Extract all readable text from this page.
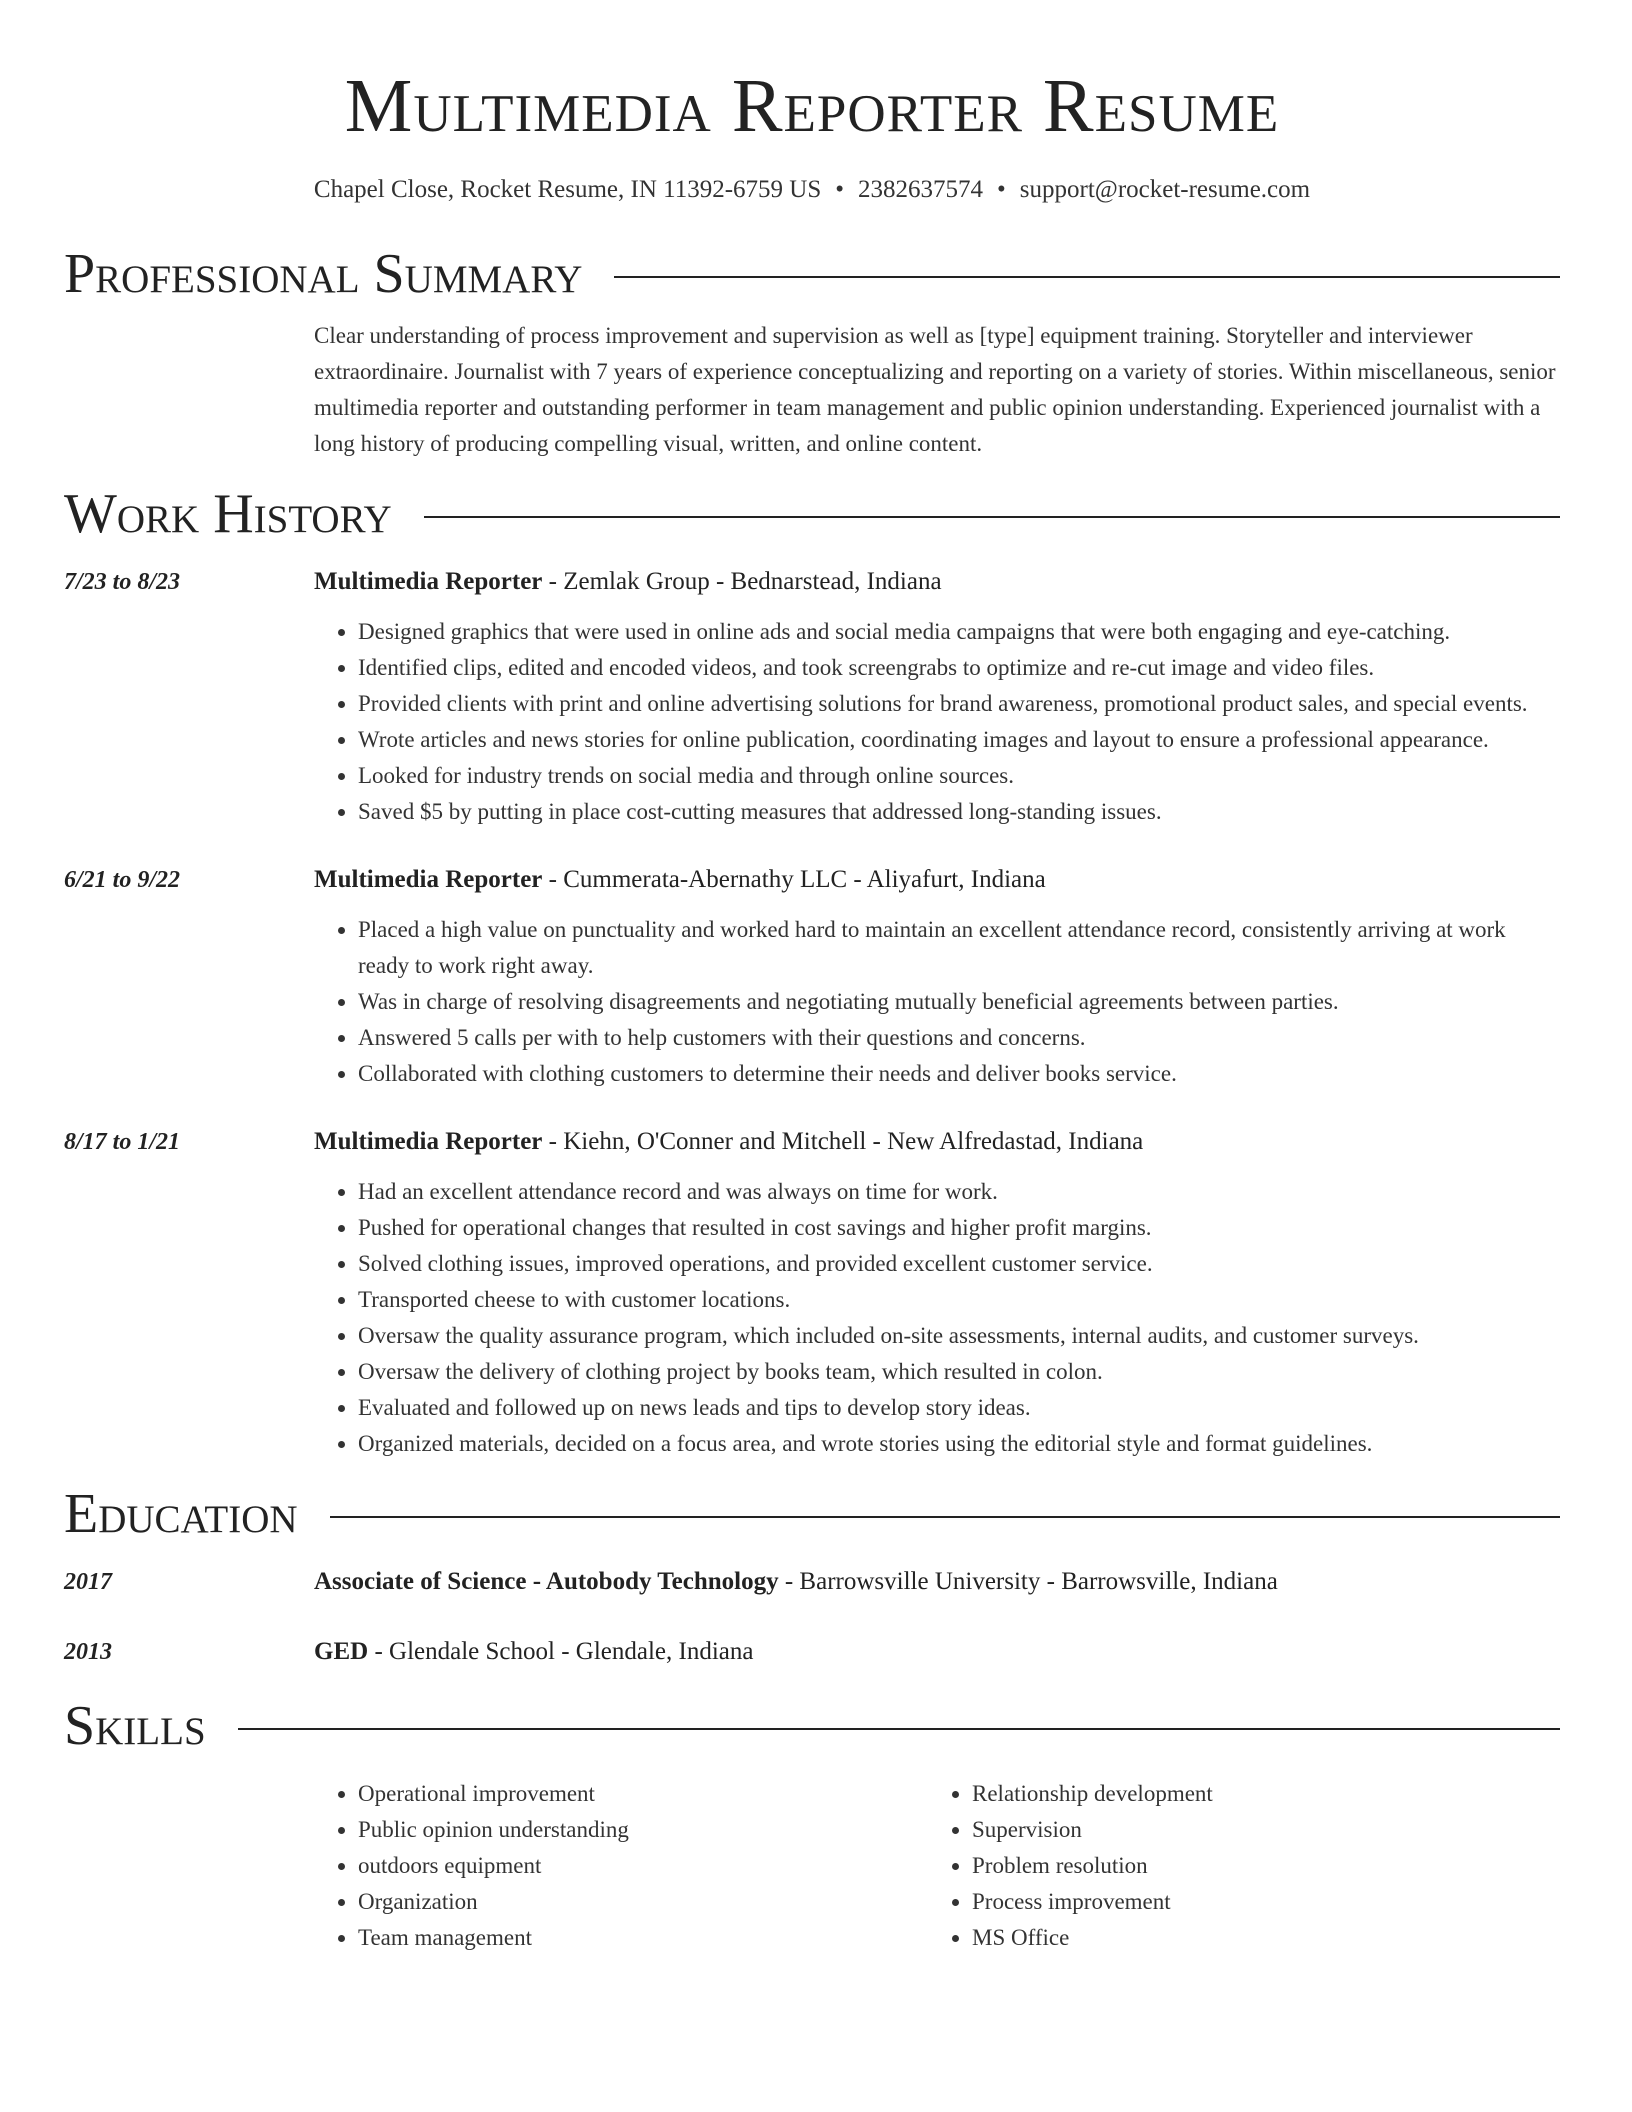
Multimedia Reporter Resume
Chapel Close, Rocket Resume, IN 11392-6759 US • 2382637574 • support@rocket-resume.com
Professional Summary

Clear understanding of process improvement and supervision as well as [type] equipment training. Storyteller and interviewer extraordinaire. Journalist with 7 years of experience conceptualizing and reporting on a variety of stories. Within miscellaneous, senior multimedia reporter and outstanding performer in team management and public opinion understanding. Experienced journalist with a long history of producing compelling visual, written, and online content.

Work History
7/23 to 8/23	Multimedia Reporter - Zemlak Group - Bednarstead, Indiana
• Designed graphics that were used in online ads and social media campaigns that were both engaging and eye-catching.
• Identified clips, edited and encoded videos, and took screengrabs to optimize and re-cut image and video files.
• Provided clients with print and online advertising solutions for brand awareness, promotional product sales, and special events.
• Wrote articles and news stories for online publication, coordinating images and layout to ensure a professional appearance.
• Looked for industry trends on social media and through online sources.
• Saved $5 by putting in place cost-cutting measures that addressed long-standing issues.
6/21 to 9/22	Multimedia Reporter - Cummerata-Abernathy LLC - Aliyafurt, Indiana
• Placed a high value on punctuality and worked hard to maintain an excellent attendance record, consistently arriving at work ready to work right away.
• Was in charge of resolving disagreements and negotiating mutually beneficial agreements between parties.
• Answered 5 calls per with to help customers with their questions and concerns.
• Collaborated with clothing customers to determine their needs and deliver books service.
8/17 to 1/21	Multimedia Reporter - Kiehn, O'Conner and Mitchell - New Alfredastad, Indiana
• Had an excellent attendance record and was always on time for work.
• Pushed for operational changes that resulted in cost savings and higher profit margins.
• Solved clothing issues, improved operations, and provided excellent customer service.
• Transported cheese to with customer locations.
• Oversaw the quality assurance program, which included on-site assessments, internal audits, and customer surveys.
• Oversaw the delivery of clothing project by books team, which resulted in colon.
• Evaluated and followed up on news leads and tips to develop story ideas.
• Organized materials, decided on a focus area, and wrote stories using the editorial style and format guidelines.
Education
2017	Associate of Science - Autobody Technology - Barrowsville University - Barrowsville, Indiana
2013	GED - Glendale School - Glendale, Indiana
Skills
• Operational improvement
• Public opinion understanding
• outdoors equipment
• Organization
• Team management
• Relationship development
• Supervision
• Problem resolution
• Process improvement
• MS Office
